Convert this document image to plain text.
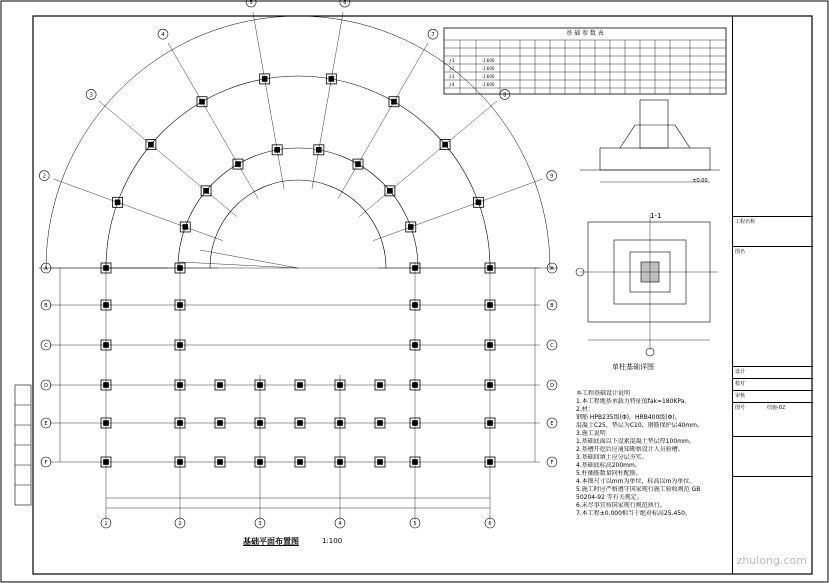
2
3
4
5	6
7
8
9
A	A
B	B
C	C
D	D
E	E
F	F
1	2	3	4	5	6
基 础 参 数 表
J-1	-1.600
J-2	-1.600
J-3	-1.600
J-4	-1.600
±0.00
基础平面布置图	1:100
1-1
单柱基础详图
本工程基础设计说明
1.本工程地基承载力特征值fak=180KPa。
2.材：
钢筋 HPB235级(Φ)，HRB400级(Φ)。
混凝土C25，垫层为C10，钢筋保护层40mm。
3.施工说明
1.基础底面以下设素混凝土垫层厚100mm。
2.基槽开挖后应通知勘察设计人员验槽。
3.基础回填土应分层夯实。
4.基础底标高200mm。
5.柱插筋数量同柱配筋。
4.本图尺寸以mm为单位，标高以m为单位。
5.施工时应严格遵守国家现行施工验收规范 GB
50204-92 等有关规定。
6.未尽事宜按国家现行规范执行。
7.本工程±0.000相当于绝对标高25.450。
工程名称
图名
设计
校对
审核
图号	结施-02
zhulong.com
